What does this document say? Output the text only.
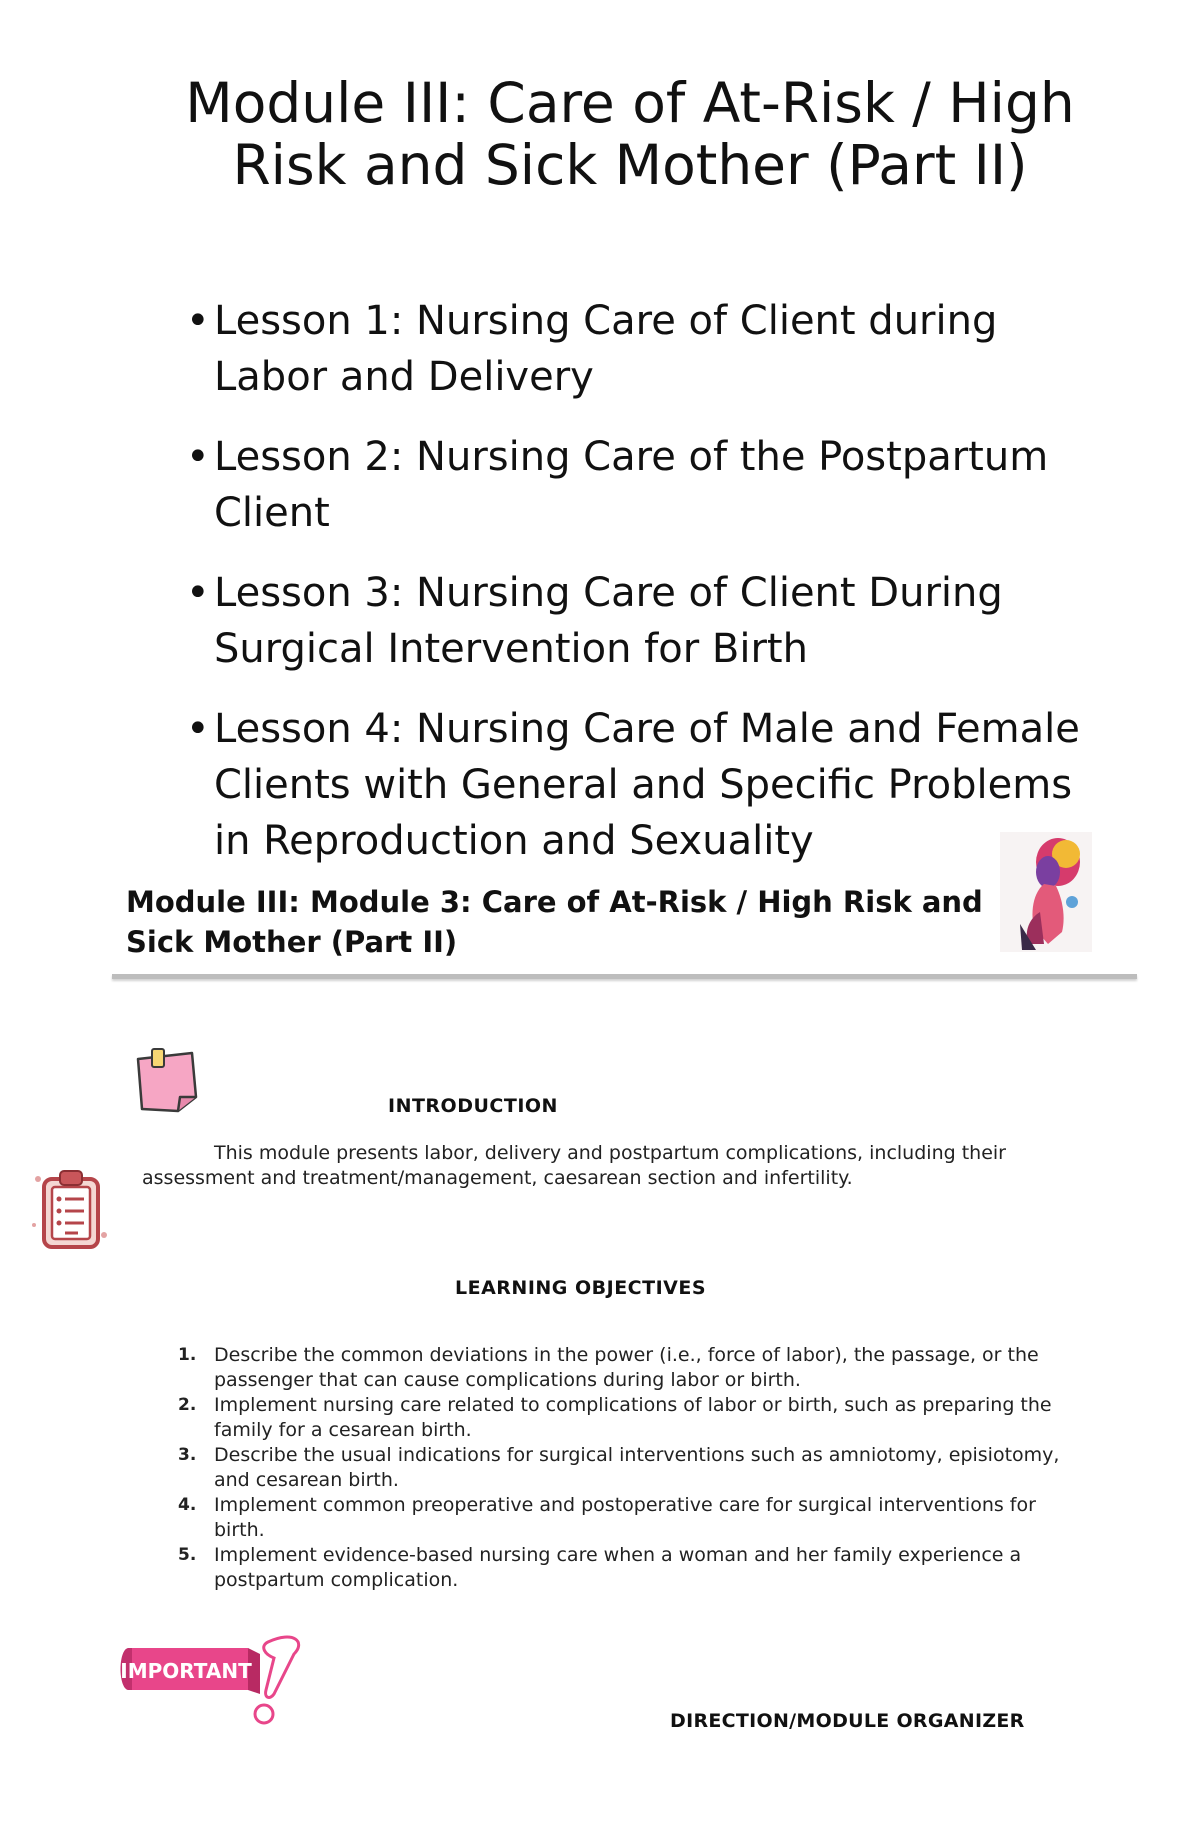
Module III: Care of At-Risk / High Risk and Sick Mother (Part II)
• Lesson 1: Nursing Care of Client during Labor and Delivery
• Lesson 2: Nursing Care of the Postpartum Client
• Lesson 3: Nursing Care of Client During Surgical Intervention for Birth
• Lesson 4: Nursing Care of Male and Female Clients with General and Specific Problems in Reproduction and Sexuality
Module III: Module 3: Care of At-Risk / High Risk and Sick Mother (Part II)
INTRODUCTION

This module presents labor, delivery and postpartum complications, including their assessment and treatment/management, caesarean section and infertility.

LEARNING OBJECTIVES
1. Describe the common deviations in the power (i.e., force of labor), the passage, or the passenger that can cause complications during labor or birth.
2. Implement nursing care related to complications of labor or birth, such as preparing the family for a cesarean birth.
3. Describe the usual indications for surgical interventions such as amniotomy, episiotomy, and cesarean birth.
4. Implement common preoperative and postoperative care for surgical interventions for birth.
5. Implement evidence-based nursing care when a woman and her family experience a postpartum complication.
IMPORTANT

DIRECTION/MODULE ORGANIZER
